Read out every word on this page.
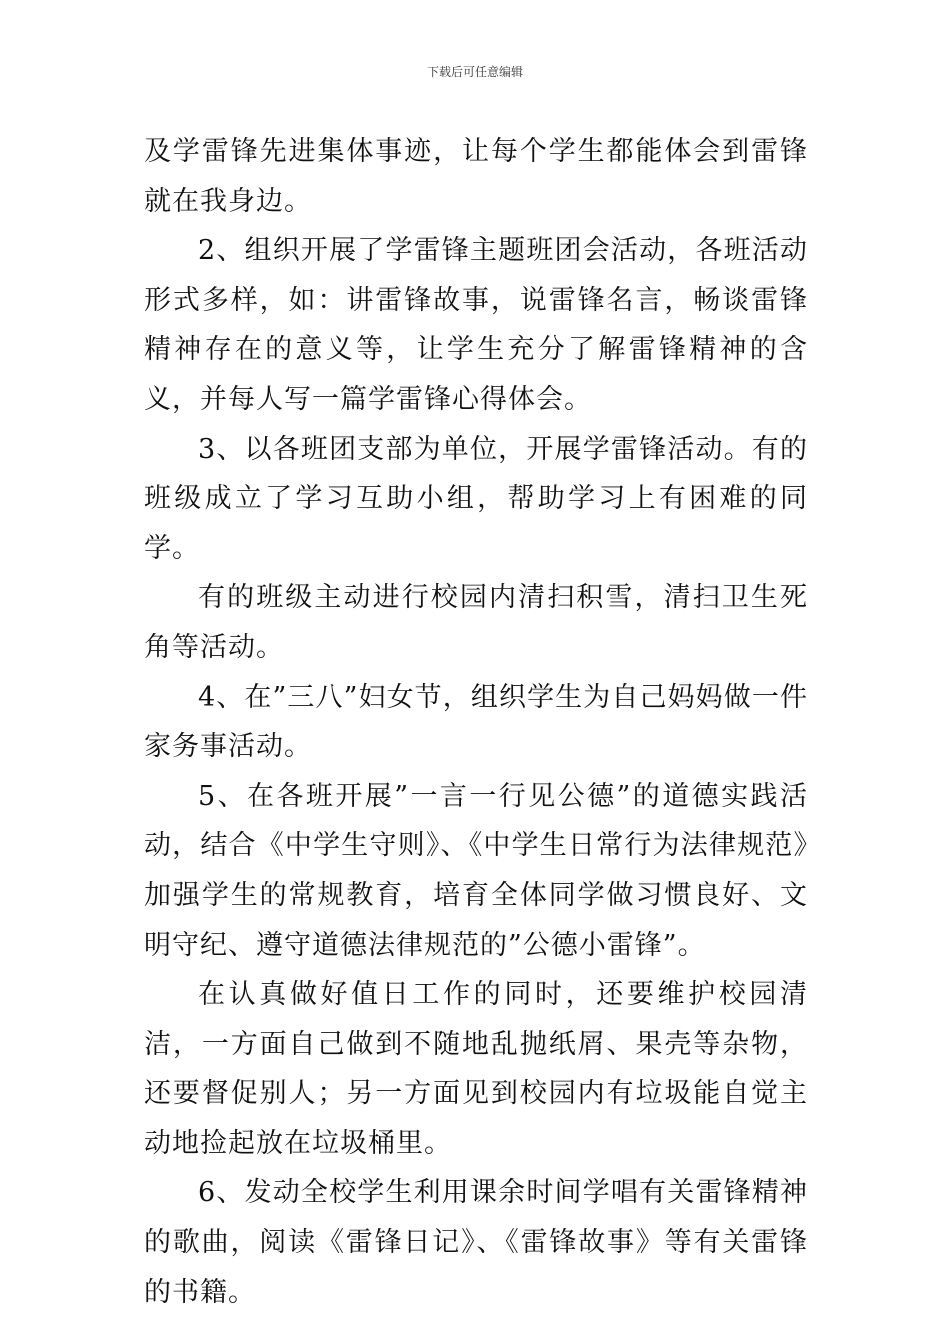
下载后可任意编辑

及学雷锋先进集体事迹，让每个学生都能体会到雷锋就在我身边。

2、组织开展了学雷锋主题班团会活动，各班活动形式多样，如：讲雷锋故事，说雷锋名言，畅谈雷锋精神存在的意义等，让学生充分了解雷锋精神的含义，并每人写一篇学雷锋心得体会。

3、以各班团支部为单位，开展学雷锋活动。有的班级成立了学习互助小组，帮助学习上有困难的同学。

有的班级主动进行校园内清扫积雪，清扫卫生死角等活动。

4、在”三八”妇女节，组织学生为自己妈妈做一件家务事活动。

5、在各班开展”一言一行见公德”的道德实践活动，结合《中学生守则》、《中学生日常行为法律规范》加强学生的常规教育，培育全体同学做习惯良好、文明守纪、遵守道德法律规范的”公德小雷锋”。

在认真做好值日工作的同时，还要维护校园清洁，一方面自己做到不随地乱抛纸屑、果壳等杂物，还要督促别人；另一方面见到校园内有垃圾能自觉主动地捡起放在垃圾桶里。

6、发动全校学生利用课余时间学唱有关雷锋精神的歌曲，阅读《雷锋日记》、《雷锋故事》等有关雷锋的书籍。
